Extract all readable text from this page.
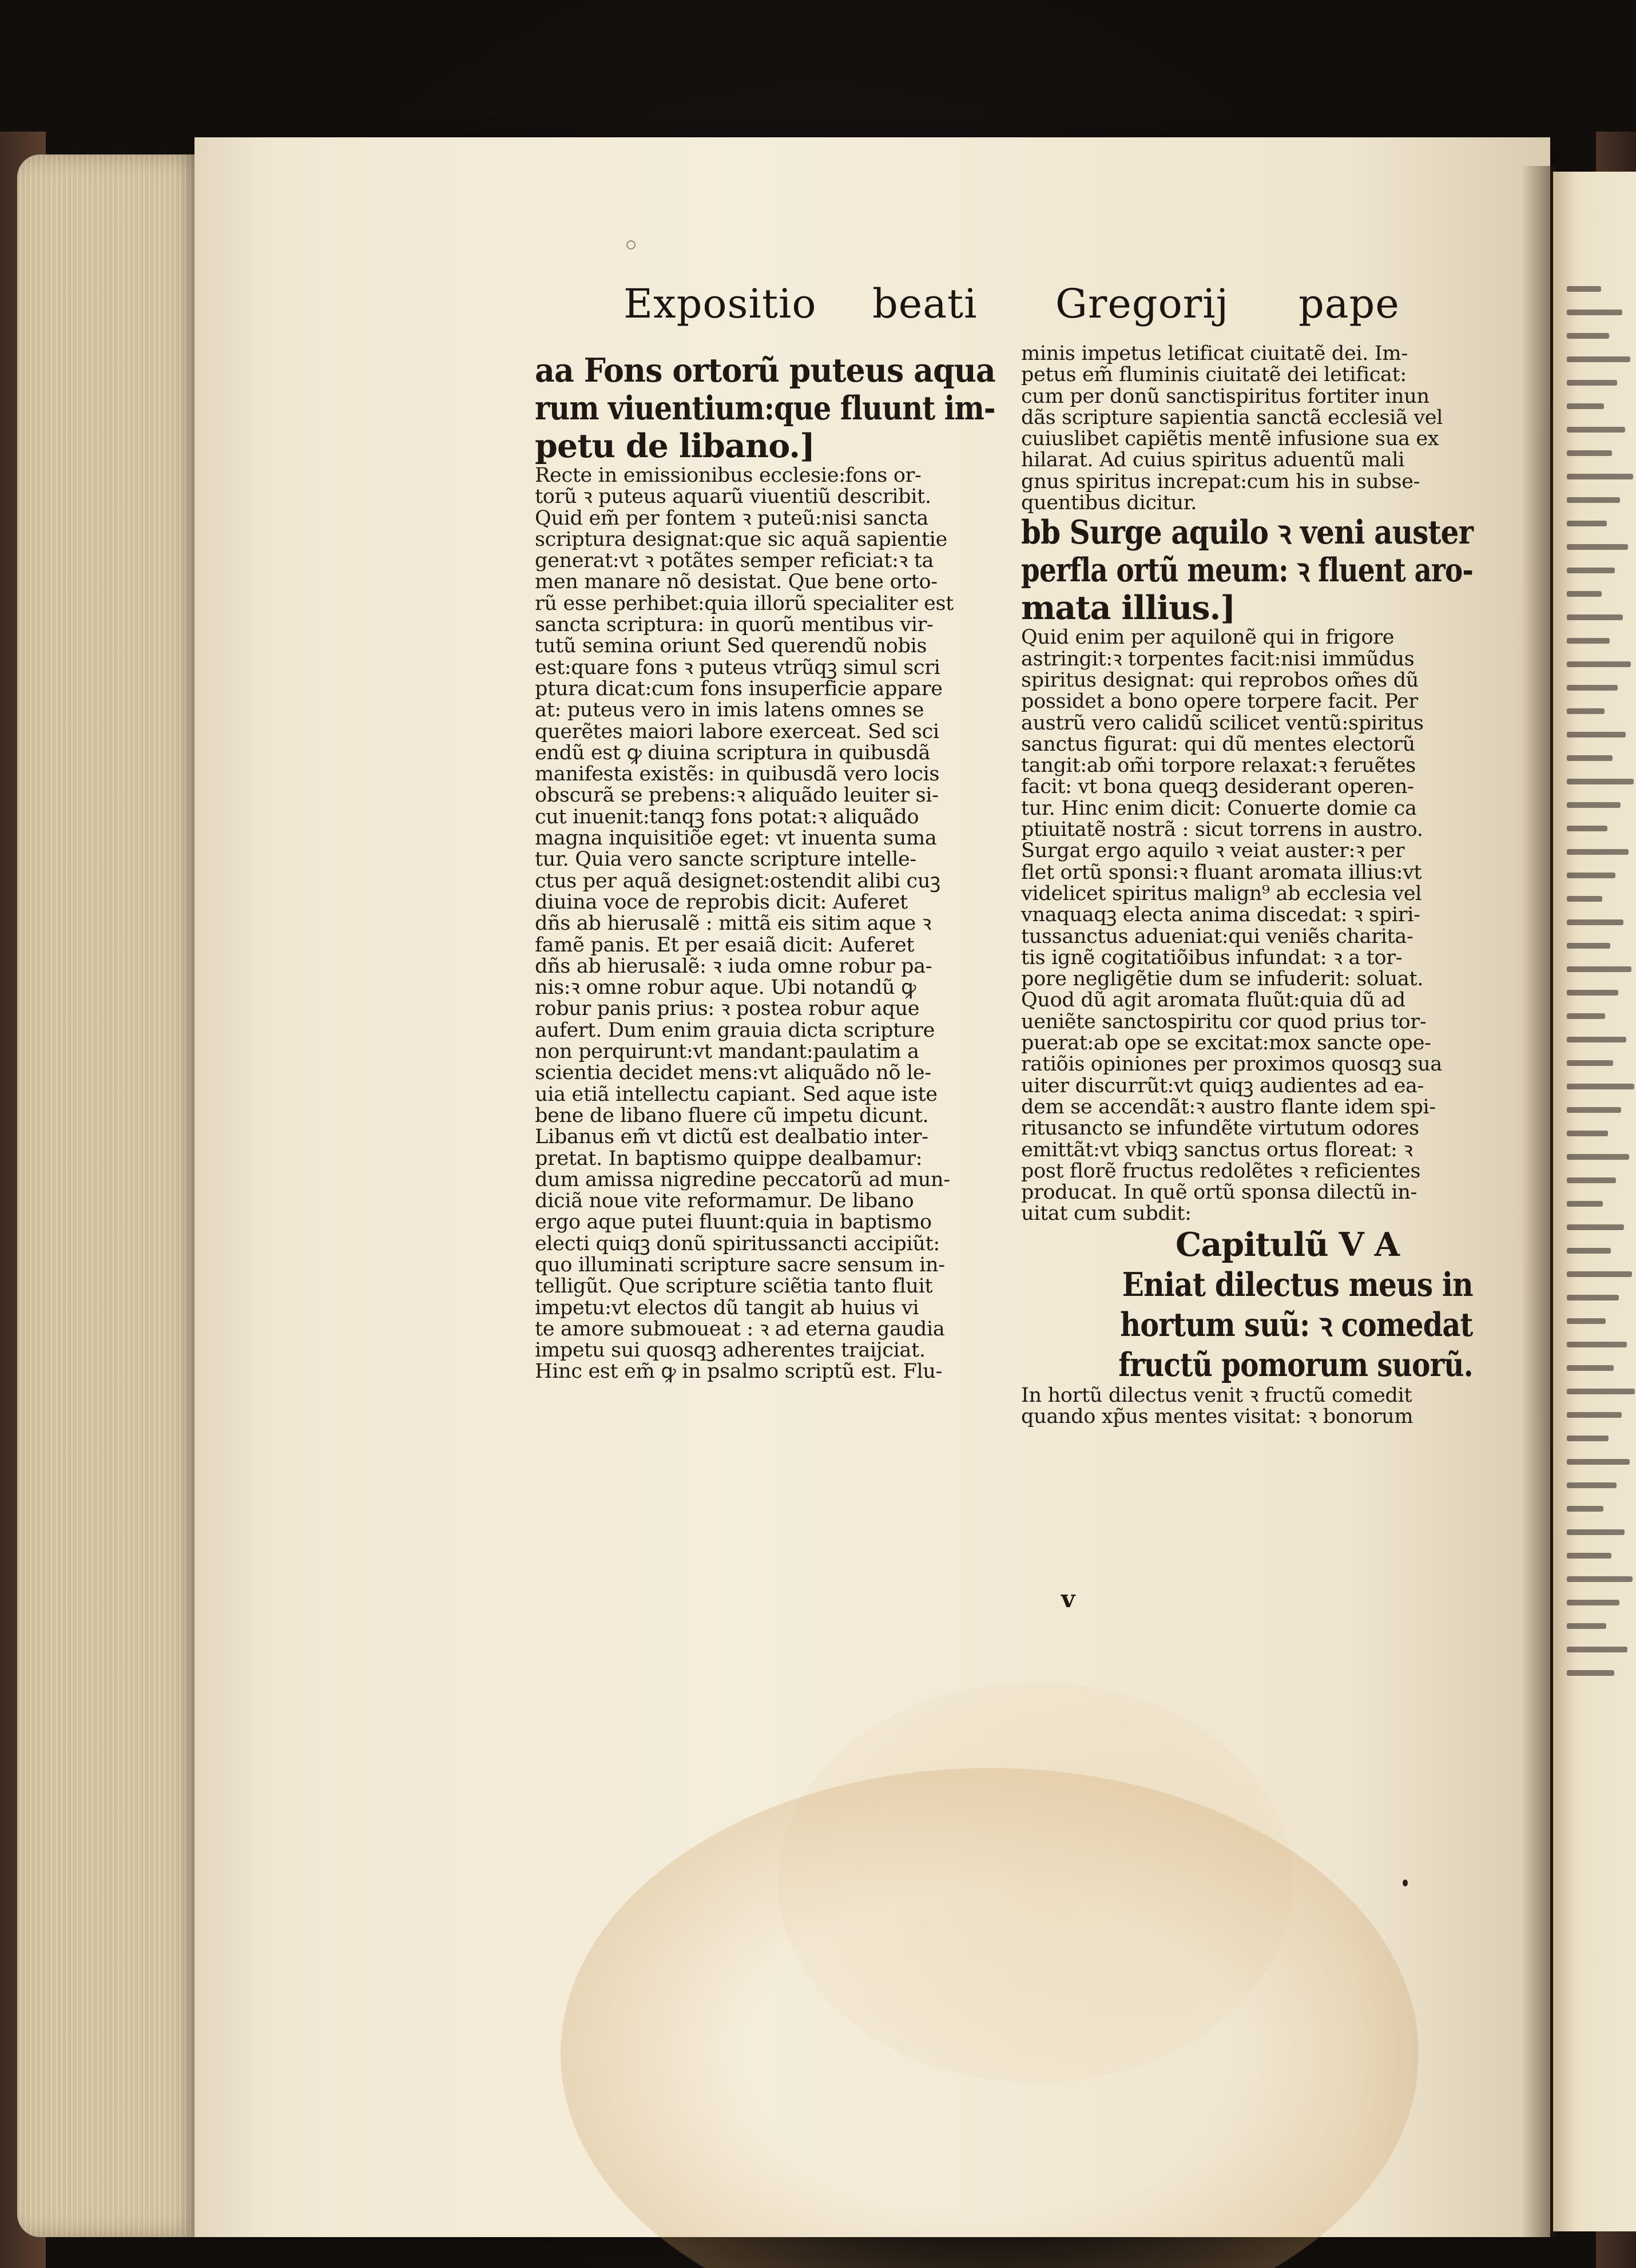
Expositio beati Gregorij pape
aa Fons ortorũ puteus aqua
rum viuentium:que fluunt im-
petu de libano.]
Recte in emissionibus ecclesie:fons or-
torũ ꝛ puteus aquarũ viuentiũ describit.
Quid em̃ per fontem ꝛ puteũ:nisi sancta
scriptura designat:que sic aquã sapientie
generat:vt ꝛ potãtes semper reficiat:ꝛ ta
men manare nõ desistat. Que bene orto-
rũ esse perhibet:quia illorũ specialiter est
sancta scriptura: in quorũ mentibus vir-
tutũ semina oriunt Sed querendũ nobis
est:quare fons ꝛ puteus vtrũqꝫ simul scri
ptura dicat:cum fons insuperficie appare
at: puteus vero in imis latens omnes se
querẽtes maiori labore exerceat. Sed sci
endũ est ꝙ diuina scriptura in quibusdã
manifesta existẽs: in quibusdã vero locis
obscurã se prebens:ꝛ aliquãdo leuiter si-
cut inuenit:tanqꝫ fons potat:ꝛ aliquãdo
magna inquisitiõe eget: vt inuenta suma
tur. Quia vero sancte scripture intelle-
ctus per aquã designet:ostendit alibi cuꝫ
diuina voce de reprobis dicit: Auferet
dñs ab hierusalẽ : mittã eis sitim aque ꝛ
famẽ panis. Et per esaiã dicit: Auferet
dñs ab hierusalẽ: ꝛ iuda omne robur pa-
nis:ꝛ omne robur aque. Ubi notandũ ꝙ
robur panis prius: ꝛ postea robur aque
aufert. Dum enim grauia dicta scripture
non perquirunt:vt mandant:paulatim a
scientia decidet mens:vt aliquãdo nõ le-
uia etiã intellectu capiant. Sed aque iste
bene de libano fluere cũ impetu dicunt.
Libanus em̃ vt dictũ est dealbatio inter-
pretat. In baptismo quippe dealbamur:
dum amissa nigredine peccatorũ ad mun-
diciã noue vite reformamur. De libano
ergo aque putei fluunt:quia in baptismo
electi quiqꝫ donũ spiritussancti accipiũt:
quo illuminati scripture sacre sensum in-
telligũt. Que scripture sciẽtia tanto fluit
impetu:vt electos dũ tangit ab huius vi
te amore submoueat : ꝛ ad eterna gaudia
impetu sui quosqꝫ adherentes traijciat.
Hinc est em̃ ꝙ in psalmo scriptũ est. Flu-
minis impetus letificat ciuitatẽ dei. Im-
petus em̃ fluminis ciuitatẽ dei letificat:
cum per donũ sanctispiritus fortiter inun
dãs scripture sapientia sanctã ecclesiã vel
cuiuslibet capiẽtis mentẽ infusione sua ex
hilarat. Ad cuius spiritus aduentũ mali
gnus spiritus increpat:cum his in subse-
quentibus dicitur.
bb Surge aquilo ꝛ veni auster
perfla ortũ meum: ꝛ fluent aro-
mata illius.]
Quid enim per aquilonẽ qui in frigore
astringit:ꝛ torpentes facit:nisi immũdus
spiritus designat: qui reprobos om̃es dũ
possidet a bono opere torpere facit. Per
austrũ vero calidũ scilicet ventũ:spiritus
sanctus figurat: qui dũ mentes electorũ
tangit:ab om̃i torpore relaxat:ꝛ feruẽtes
facit: vt bona queqꝫ desiderant operen-
tur. Hinc enim dicit: Conuerte domie ca
ptiuitatẽ nostrã : sicut torrens in austro.
Surgat ergo aquilo ꝛ veiat auster:ꝛ per
flet ortũ sponsi:ꝛ fluant aromata illius:vt
videlicet spiritus malign⁹ ab ecclesia vel
vnaquaqꝫ electa anima discedat: ꝛ spiri-
tussanctus adueniat:qui veniẽs charita-
tis ignẽ cogitatiõibus infundat: ꝛ a tor-
pore negligẽtie dum se infuderit: soluat.
Quod dũ agit aromata fluũt:quia dũ ad
ueniẽte sanctospiritu cor quod prius tor-
puerat:ab ope se excitat:mox sancte ope-
ratiõis opiniones per proximos quosqꝫ sua
uiter discurrũt:vt quiqꝫ audientes ad ea-
dem se accendãt:ꝛ austro flante idem spi-
ritusancto se infundẽte virtutum odores
emittãt:vt vbiqꝫ sanctus ortus floreat: ꝛ
post florẽ fructus redolẽtes ꝛ reficientes
producat. In quẽ ortũ sponsa dilectũ in-
uitat cum subdit:
Capitulũ V A
Eniat dilectus meus in
hortum suũ: ꝛ comedat
fructũ pomorum suorũ.
In hortũ dilectus venit ꝛ fructũ comedit
quando xp̃us mentes visitat: ꝛ bonorum
v
